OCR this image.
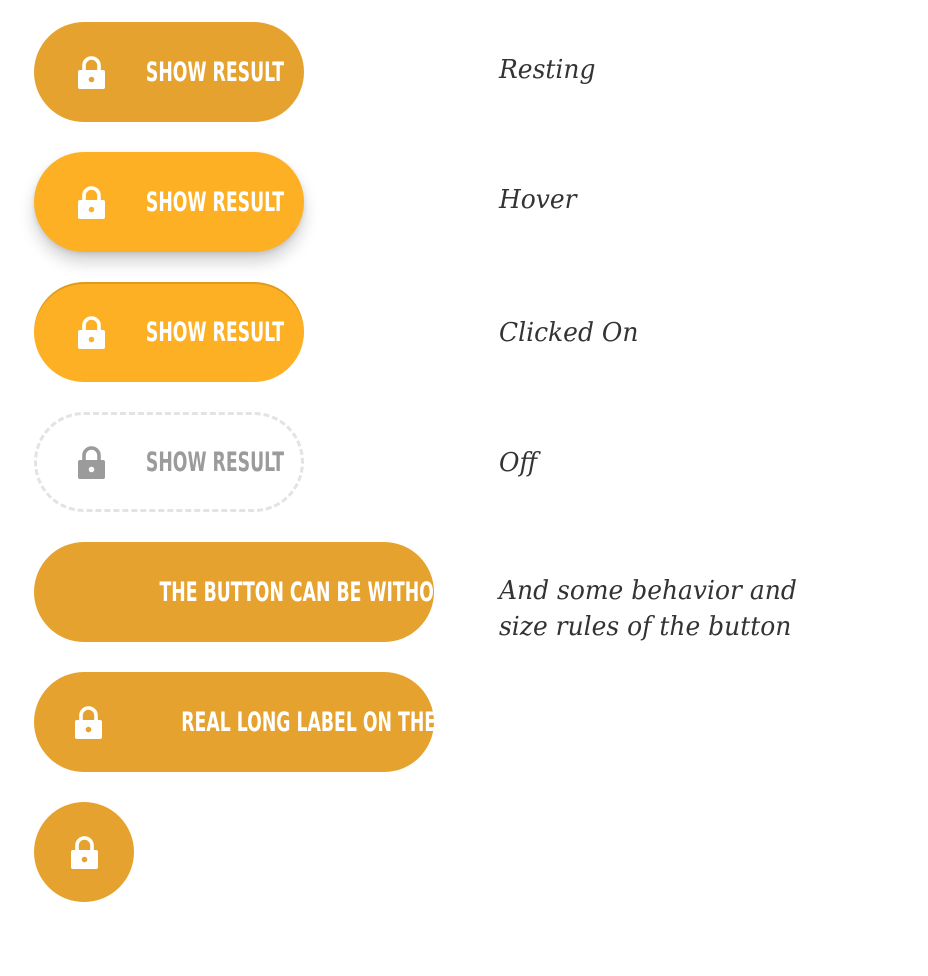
SHOW RESULT	Resting

SHOW RESULT	Hover

SHOW RESULT	Clicked On

SHOW RESULT	Off

THE BUTTON CAN BE WITHOUT A... And some behavior and size rules of the button

REAL LONG LABEL ON THE...
